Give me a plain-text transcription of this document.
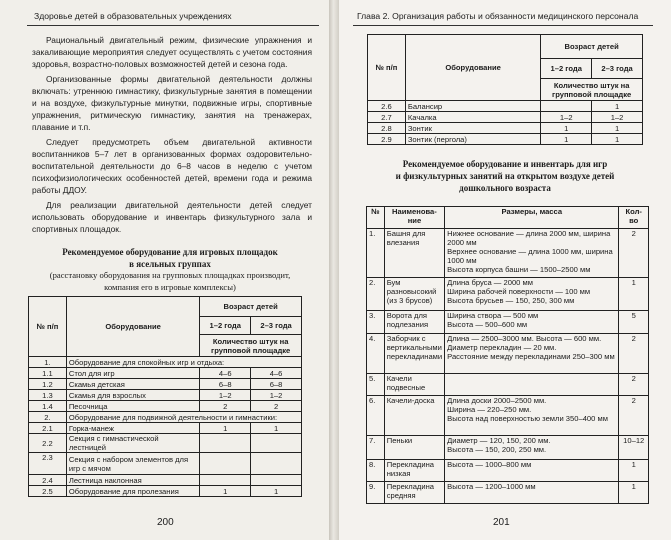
Здоровье детей в образовательных учреждениях

Рациональный двигательный режим, физические упражнения и закаливающие мероприятия следует осуществлять с учетом состояния здоровья, возрастно-половых возможностей детей и сезона года.

Организованные формы двигательной деятельности должны включать: утреннюю гимнастику, физкультурные занятия в помещении и на воздухе, физкультурные минутки, подвижные игры, спортивные упражнения, ритмическую гимнастику, занятия на тренажерах, плавание и т.п.

Следует предусмотреть объем двигательной активности воспитанников 5–7 лет в организованных формах оздоровительно-воспитательной деятельности до 6–8 часов в неделю с учетом психофизиологических особенностей детей, времени года и режима работы ДДОУ.

Для реализации двигательной деятельности детей следует использовать оборудование и инвентарь физкультурного зала и спортивных площадок.

Рекомендуемое оборудование для игровых площадок
в ясельных группах
(расстановку оборудования на групповых площадках производит,
компания его в игровые комплексы)
№ п/п	Оборудование	Возраст детей	
		1–2 года	2–3 года
		Количество штук на групповой площадке	
1.	Оборудование для спокойных игр и отдыха:		
1.1	Стол для игр	4–6	4–6
1.2	Скамья детская	6–8	6–8
1.3	Скамья для взрослых	1–2	1–2
1.4	Песочница	2	2
2.	Оборудование для подвижной деятельности и гимнастики:		
2.1	Горка-манеж	1	1
2.2	Секция с гимнастической лестницей		
2.3	Секция с набором элементов для игр с мячом		
2.4	Лестница наклонная		
2.5	Оборудование для пролезания	1	1
200
Глава 2. Организация работы и обязанности медицинского персонала
№ п/п	Оборудование	Возраст детей	
		1–2 года	2–3 года
		Количество штук на групповой площадке	
2.6	Балансир		1
2.7	Качалка	1–2	1–2
2.8	Зонтик	1	1
2.9	Зонтик (пергола)	1	1
Рекомендуемое оборудование и инвентарь для игр
и физкультурных занятий на открытом воздухе детей
дошкольного возраста
№	Наименова-ние	Размеры, масса	Кол-во
1.	Башня для влезания	Нижнее основание — длина 2000 мм, ширина 2000 мм
Верхнее основание — длина 1000 мм, ширина 1000 мм
Высота корпуса башни — 1500–2500 мм	2
2.	Бум разновысокий (из 3 брусов)	Длина бруса — 2000 мм
Ширина рабочей поверхности — 100 мм
Высота брусьев — 150, 250, 300 мм	1
3.	Ворота для подлезания	Ширина створа — 500 мм
Высота — 500–600 мм	5
4.	Заборчик с вертикальными перекладинами	Длина — 2500–3000 мм. Высота — 600 мм.
Диаметр перекладин — 20 мм.
Расстояние между перекладинами 250–300 мм	2
5.	Качели подвесные		2
6.	Качели-доска	Длина доски 2000–2500 мм.
Ширина — 220–250 мм.
Высота над поверхностью земли 350–400 мм	2
7.	Пеньки	Диаметр — 120, 150, 200 мм.
Высота — 150, 200, 250 мм.	10–12
8.	Перекладина низкая	Высота — 1000–800 мм	1
9.	Перекладина средняя	Высота — 1200–1000 мм	1
201
